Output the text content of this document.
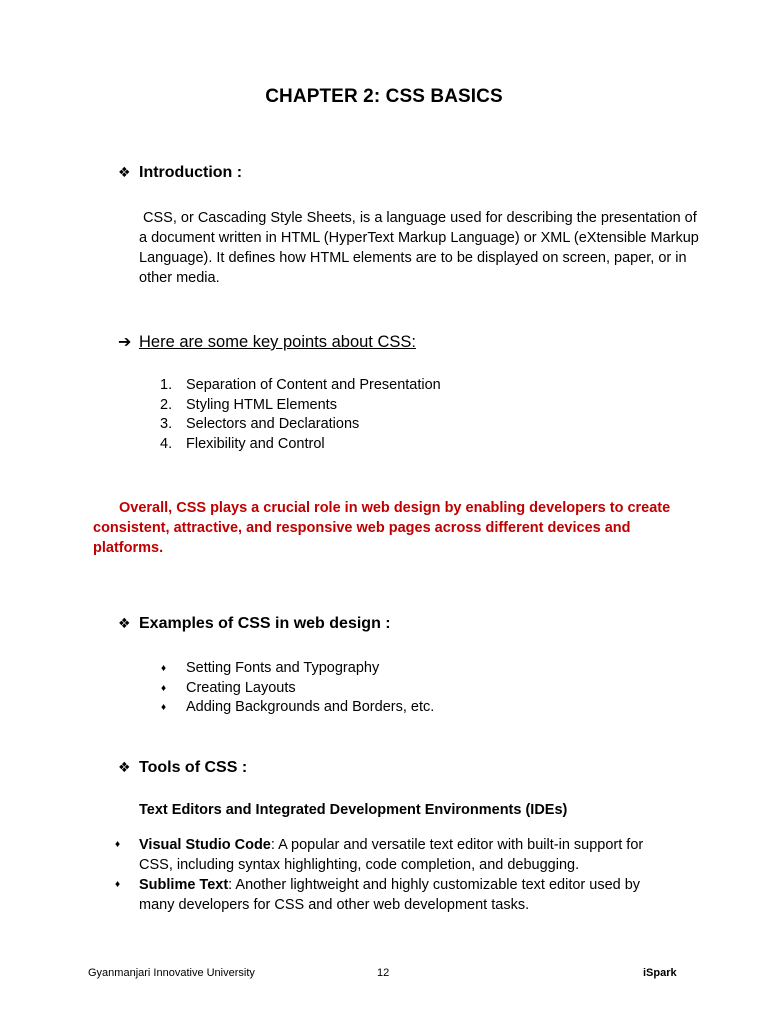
CHAPTER 2: CSS BASICS
❖ Introduction :
CSS, or Cascading Style Sheets, is a language used for describing the presentation of a document written in HTML (HyperText Markup Language) or XML (eXtensible Markup Language). It defines how HTML elements are to be displayed on screen, paper, or in other media.
➔ Here are some key points about CSS:
1. Separation of Content and Presentation
2. Styling HTML Elements
3. Selectors and Declarations
4. Flexibility and Control
Overall, CSS plays a crucial role in web design by enabling developers to create consistent, attractive, and responsive web pages across different devices and platforms.
❖ Examples of CSS in web design :
♦	Setting Fonts and Typography
♦	Creating Layouts
♦	Adding Backgrounds and Borders, etc.
❖ Tools of CSS :
Text Editors and Integrated Development Environments (IDEs)
♦	Visual Studio Code: A popular and versatile text editor with built-in support for CSS, including syntax highlighting, code completion, and debugging.
♦	Sublime Text: Another lightweight and highly customizable text editor used by many developers for CSS and other web development tasks.
Gyanmanjari Innovative University	12	iSpark
